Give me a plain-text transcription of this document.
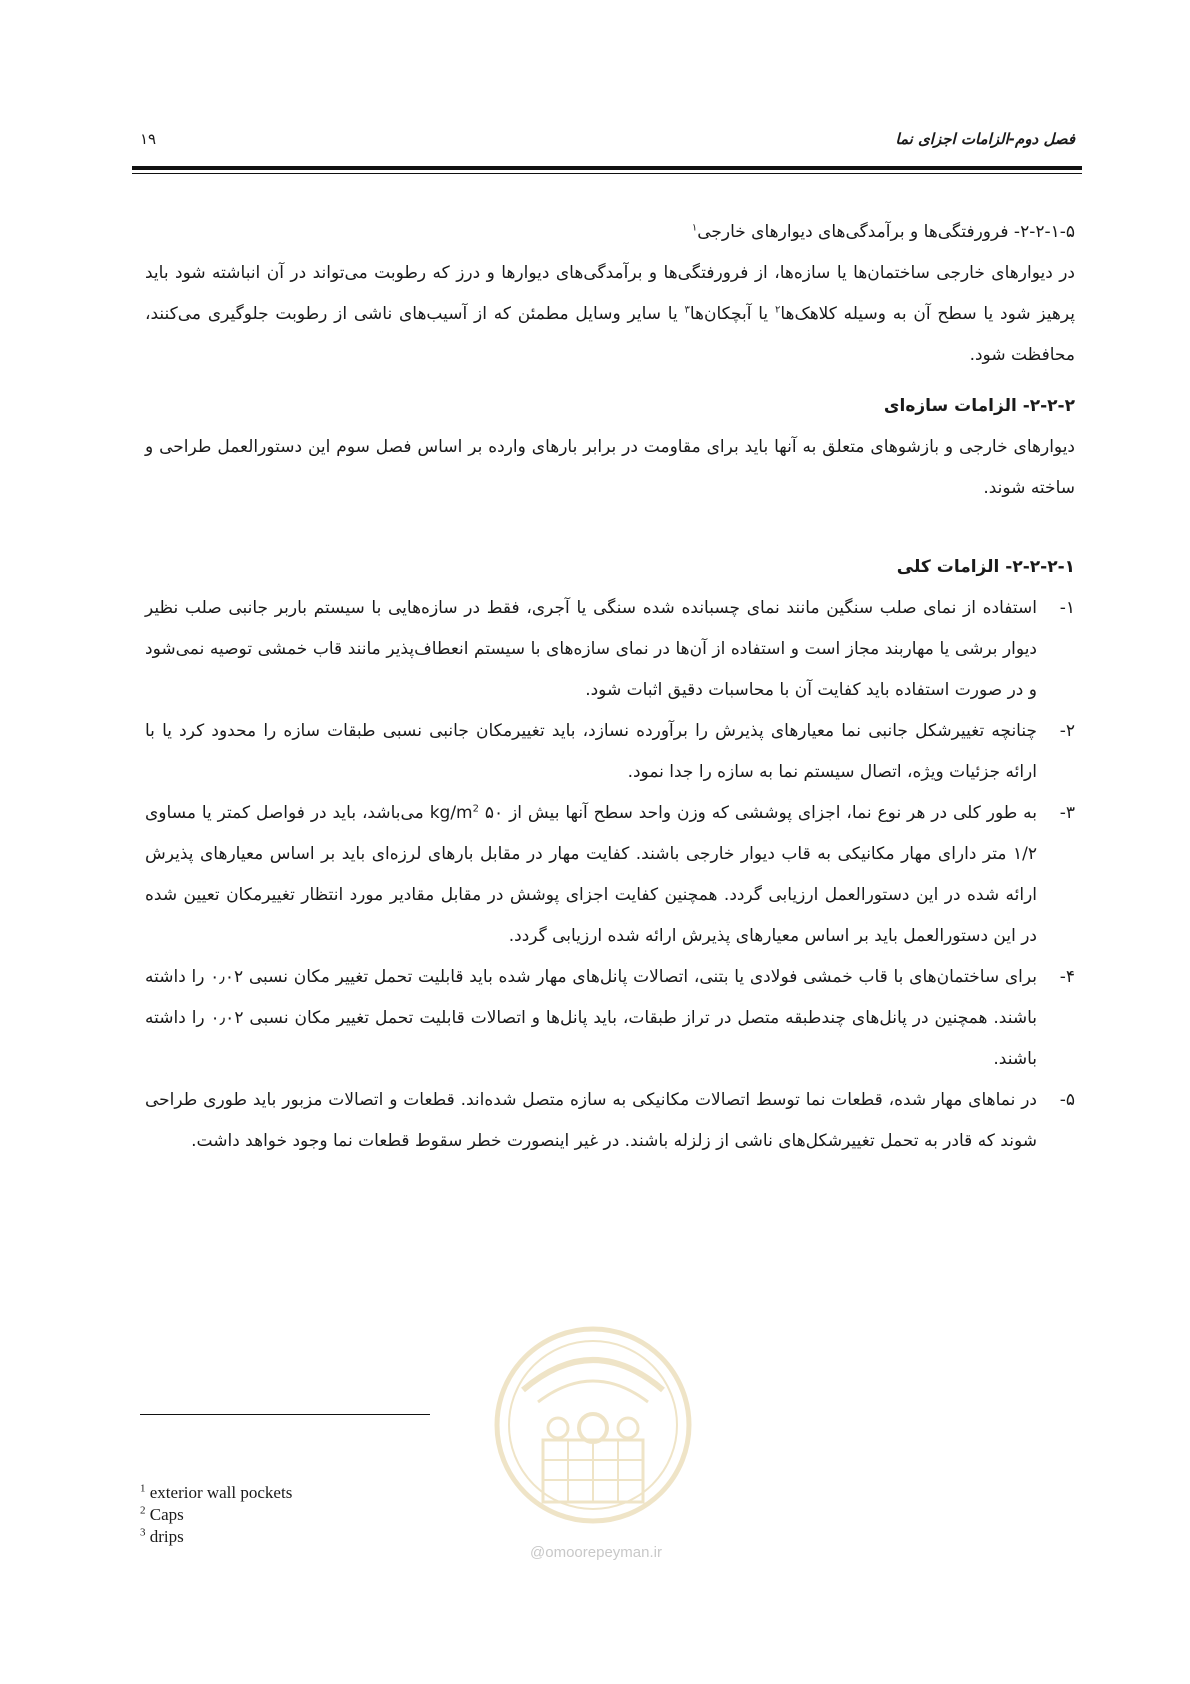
فصل دوم-الزامات اجزای نما
۱۹

۲-۲-۱-۵- فرورفتگی‌ها و برآمدگی‌های دیوارهای خارجی$^۱$

در دیوارهای خارجی ساختمان‌ها یا سازه‌ها، از فرورفتگی‌ها و برآمدگی‌های دیوارها و درز که رطوبت می‌تواند در آن انباشته شود باید پرهیز شود یا سطح آن به وسیله کلاهک‌ها$^۲$ یا آبچکان‌ها$^۳$ یا سایر وسایل مطمئن که از آسیب‌های ناشی از رطوبت جلوگیری می‌کنند، محافظت شود.

۲-۲-۲- الزامات سازه‌ای

دیوارهای خارجی و بازشوهای متعلق به آنها باید برای مقاومت در برابر بارهای وارده بر اساس فصل سوم این دستورالعمل طراحی و ساخته شوند.

۲-۲-۲-۱- الزامات کلی

۱-
استفاده از نمای صلب سنگین مانند نمای چسبانده شده سنگی یا آجری، فقط در سازه‌هایی با سیستم باربر جانبی صلب نظیر دیوار برشی یا مهاربند مجاز است و استفاده از آن‌ها در نمای سازه‌های با سیستم انعطاف‌پذیر مانند قاب خمشی توصیه نمی‌شود و در صورت استفاده باید کفایت آن با محاسبات دقیق اثبات شود.
۲-
چنانچه تغییرشکل جانبی نما معیارهای پذیرش را برآورده نسازد، باید تغییرمکان جانبی نسبی طبقات سازه را محدود کرد یا با ارائه جزئیات ویژه، اتصال سیستم نما به سازه را جدا نمود.
۳-
به طور کلی در هر نوع نما، اجزای پوششی که وزن واحد سطح آنها بیش از ۵۰ $kg/m^2$ می‌باشد، باید در فواصل کمتر یا مساوی ۱/۲ متر دارای مهار مکانیکی به قاب دیوار خارجی باشند. کفایت مهار در مقابل بارهای لرزه‌ای باید بر اساس معیارهای پذیرش ارائه شده در این دستورالعمل ارزیابی گردد. همچنین کفایت اجزای پوشش در مقابل مقادیر مورد انتظار تغییرمکان تعیین شده در این دستورالعمل باید بر اساس معیارهای پذیرش ارائه شده ارزیابی گردد.
۴-
برای ساختمان‌های با قاب خمشی فولادی یا بتنی، اتصالات پانل‌های مهار شده باید قابلیت تحمل تغییر مکان نسبی ۰٫۰۲ را داشته باشند. همچنین در پانل‌های چندطبقه متصل در تراز طبقات، باید پانل‌ها و اتصالات قابلیت تحمل تغییر مکان نسبی ۰٫۰۲ را داشته باشند.
۵-
در نماهای مهار شده، قطعات نما توسط اتصالات مکانیکی به سازه متصل شده‌اند. قطعات و اتصالات مزبور باید طوری طراحی شوند که قادر به تحمل تغییرشکل‌های ناشی از زلزله باشند. در غیر اینصورت خطر سقوط قطعات نما وجود خواهد داشت.
@omoorepeyman.ir
$^1$ exterior wall pockets
$^2$ Caps
$^3$ drips
